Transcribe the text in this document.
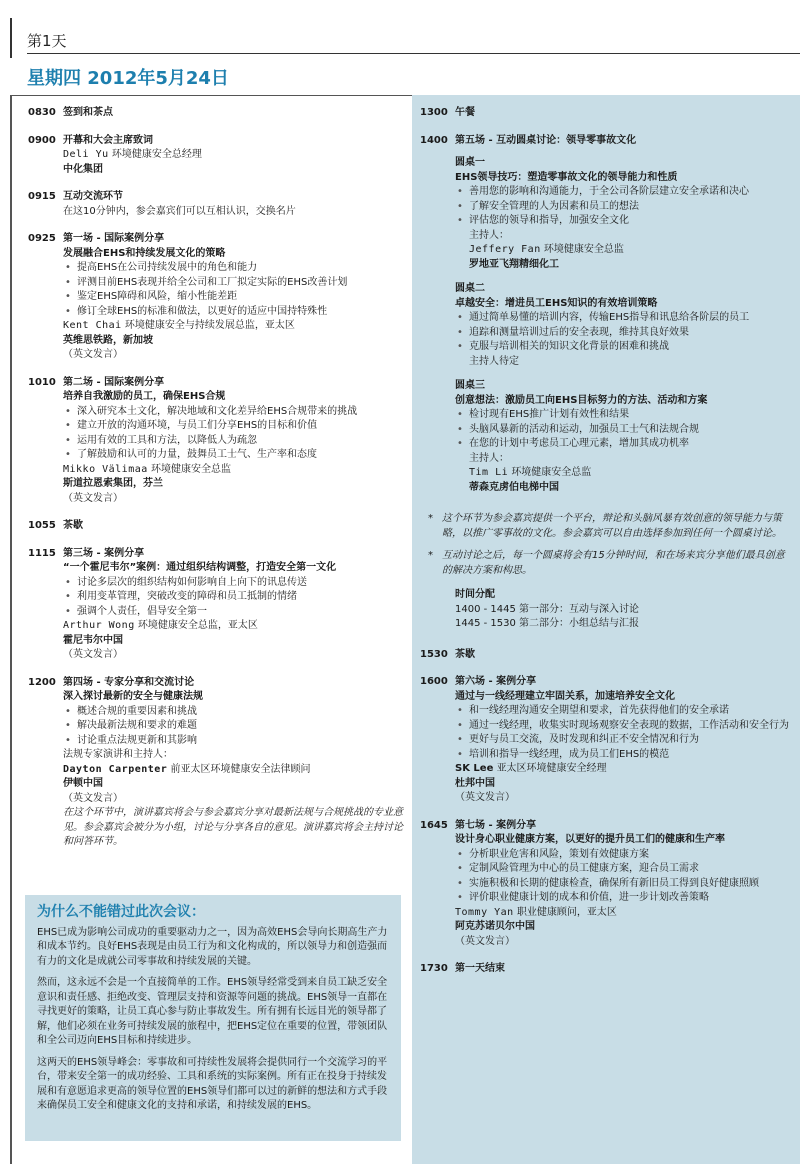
第1天
星期四 2012年5月24日
0830 签到和茶点
0900 开幕和大会主席致词
Deli Yu 环境健康安全总经理
中化集团
0915 互动交流环节
在这10分钟内，参会嘉宾们可以互相认识，交换名片
0925 第一场 - 国际案例分享
发展融合EHS和持续发展文化的策略
• 提高EHS在公司持续发展中的角色和能力
• 评测目前EHS表现并给全公司和工厂拟定实际的EHS改善计划
• 鉴定EHS障碍和风险，缩小性能差距
• 修订全球EHS的标准和做法，以更好的适应中国持特殊性
Kent Chai 环境健康安全与持续发展总监，亚太区
英维思铁路，新加坡
（英文发言）
1010 第二场 - 国际案例分享
培养自我激励的员工，确保EHS合规
• 深入研究本土文化，解决地域和文化差异给EHS合规带来的挑战
• 建立开放的沟通环境，与员工们分享EHS的目标和价值
• 运用有效的工具和方法，以降低人为疏忽
• 了解鼓励和认可的力量，鼓舞员工士气、生产率和态度
Mikko Välimaa 环境健康安全总监
斯道拉恩索集团，芬兰
（英文发言）
1055 茶歇
1115 第三场 - 案例分享
“一个霍尼韦尔”案例：通过组织结构调整，打造安全第一文化
• 讨论多层次的组织结构如何影响自上向下的讯息传送
• 利用变革管理，突破改变的障碍和员工抵制的情绪
• 强调个人责任，倡导安全第一
Arthur Wong 环境健康安全总监，亚太区
霍尼韦尔中国
（英文发言）
1200 第四场 - 专家分享和交流讨论
深入探讨最新的安全与健康法规
• 概述合规的重要因素和挑战
• 解决最新法规和要求的难题
• 讨论重点法规更新和其影响
法规专家演讲和主持人：
Dayton Carpenter 前亚太区环境健康安全法律顾问
伊顿中国
（英文发言）
在这个环节中，演讲嘉宾将会与参会嘉宾分享对最新法规与合规挑战的专业意见。参会嘉宾会被分为小组，讨论与分享各自的意见。演讲嘉宾将会主持讨论和问答环节。
为什么不能错过此次会议：

EHS已成为影响公司成功的重要驱动力之一，因为高效EHS会导向长期高生产力和成本节约。良好EHS表现是由员工行为和文化构成的，所以领导力和创造强而有力的文化是成就公司零事故和持续发展的关键。

然而，这永远不会是一个直接简单的工作。EHS领导经常受到来自员工缺乏安全意识和责任感、拒绝改变、管理层支持和资源等问题的挑战。EHS领导一直都在寻找更好的策略，让员工真心参与防止事故发生。所有拥有长远目光的领导都了解，他们必须在业务可持续发展的旅程中，把EHS定位在重要的位置，带领团队和全公司迈向EHS目标和持续进步。

这两天的EHS领导峰会：零事故和可持续性发展将会提供同行一个交流学习的平台，带来安全第一的成功经验、工具和系统的实际案例。所有正在投身于持续发展和有意愿追求更高的领导位置的EHS领导们都可以过的新鲜的想法和方式手段来确保员工安全和健康文化的支持和承诺，和持续发展的EHS。

1300 午餐
1400 第五场 - 互动圆桌讨论：领导零事故文化
圆桌一
EHS领导技巧：塑造零事故文化的领导能力和性质
• 善用您的影响和沟通能力，于全公司各阶层建立安全承诺和决心
• 了解安全管理的人为因素和员工的想法
• 评估您的领导和指导，加强安全文化
主持人：
Jeffery Fan 环境健康安全总监
罗地亚飞翔精细化工
圆桌二
卓越安全：增进员工EHS知识的有效培训策略
• 通过简单易懂的培训内容，传输EHS指导和讯息给各阶层的员工
• 追踪和测量培训过后的安全表现，维持其良好效果
• 克服与培训相关的知识文化背景的困难和挑战
主持人待定
圆桌三
创意想法：激励员工向EHS目标努力的方法、活动和方案
• 检讨现有EHS推广计划有效性和结果
• 头脑风暴新的活动和运动，加强员工士气和法规合规
• 在您的计划中考虑员工心理元素，增加其成功机率
主持人：
Tim Li 环境健康安全总监
蒂森克虏伯电梯中国
* 这个环节为参会嘉宾提供一个平台，辩论和头脑风暴有效创意的领导能力与策略，以推广零事故的文化。参会嘉宾可以自由选择参加到任何一个圆桌讨论。
* 互动讨论之后，每一个圆桌将会有15分钟时间，和在场来宾分享他们最具创意的解决方案和构思。
时间分配
1400 - 1445 第一部分：互动与深入讨论
1445 - 1530 第二部分：小组总结与汇报
1530 茶歇
1600 第六场 - 案例分享
通过与一线经理建立牢固关系，加速培养安全文化
• 和一线经理沟通安全期望和要求，首先获得他们的安全承诺
• 通过一线经理，收集实时现场观察安全表现的数据，工作活动和安全行为
• 更好与员工交流，及时发现和纠正不安全情况和行为
• 培训和指导一线经理，成为员工们EHS的模范
SK Lee 亚太区环境健康安全经理
杜邦中国
（英文发言）
1645 第七场 - 案例分享
设计身心职业健康方案，以更好的提升员工们的健康和生产率
• 分析职业危害和风险，策划有效健康方案
• 定制风险管理为中心的员工健康方案，迎合员工需求
• 实施积极和长期的健康检查，确保所有新旧员工得到良好健康照顾
• 评价职业健康计划的成本和价值，进一步计划改善策略
Tommy Yan 职业健康顾问，亚太区
阿克苏诺贝尔中国
（英文发言）
1730 第一天结束
